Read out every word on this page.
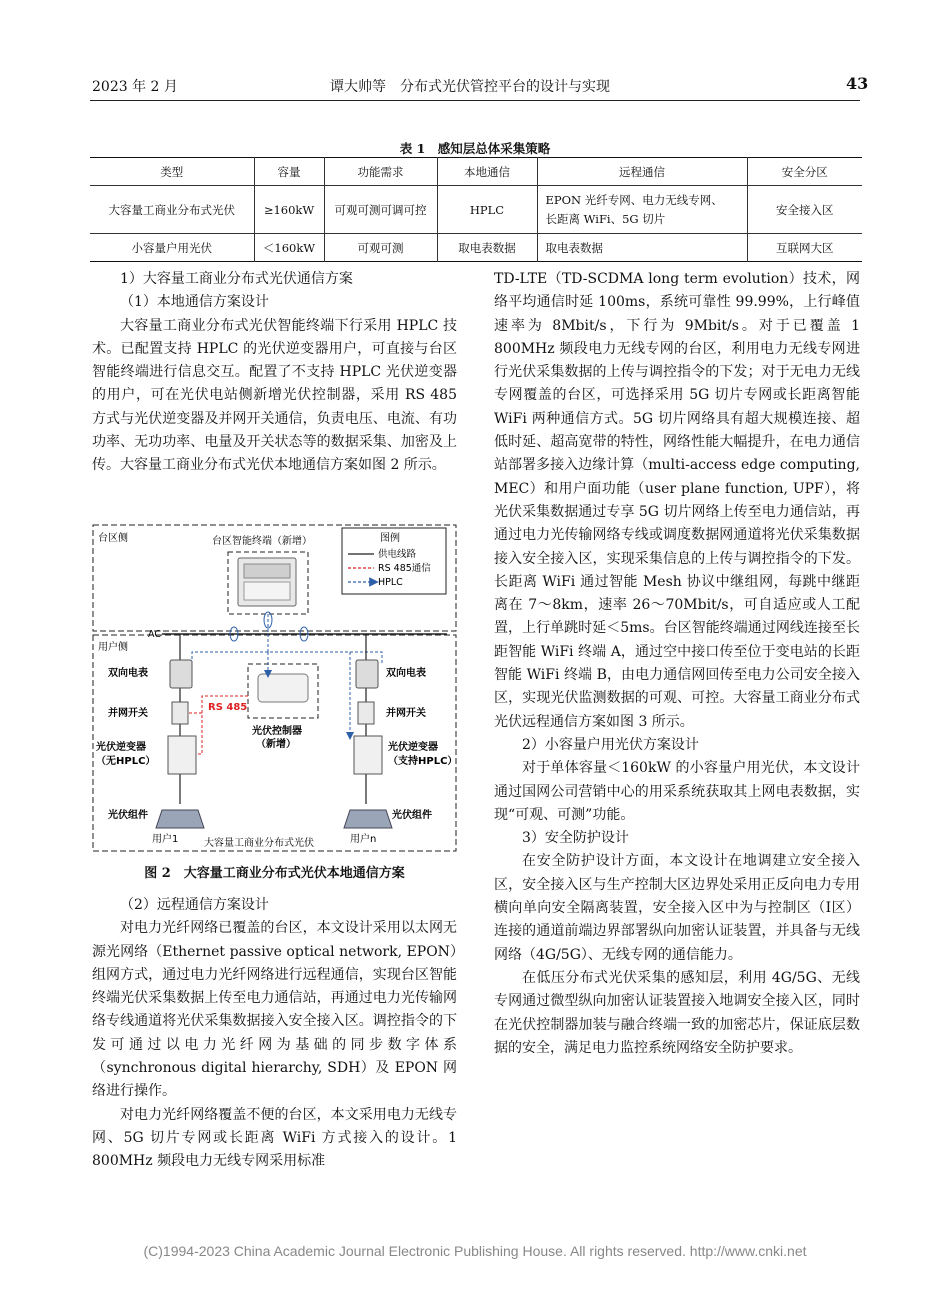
2023 年 2 月	谭大帅等　分布式光伏管控平台的设计与实现	43
表 1　感知层总体采集策略
类型	容量	功能需求	本地通信	远程通信	安全分区
大容量工商业分布式光伏	≥160kW	可观可测可调可控	HPLC	EPON 光纤专网、电力无线专网、
长距离 WiFi、5G 切片	安全接入区
小容量户用光伏	＜160kW	可观可测	取电表数据	取电表数据	互联网大区

1）大容量工商业分布式光伏通信方案

（1）本地通信方案设计

大容量工商业分布式光伏智能终端下行采用 HPLC 技术。已配置支持 HPLC 的光伏逆变器用户，可直接与台区智能终端进行信息交互。配置了不支持 HPLC 光伏逆变器的用户，可在光伏电站侧新增光伏控制器，采用 RS 485 方式与光伏逆变器及并网开关通信，负责电压、电流、有功功率、无功功率、电量及开关状态等的数据采集、加密及上传。大容量工商业分布式光伏本地通信方案如图 2 所示。

台区侧
用户侧
台区智能终端（新增）	图例
供电线路
RS 485通信
HPLC
AC
双向电表
并网开关
光伏逆变器
（无HPLC）
光伏组件
用户1
双向电表
并网开关
光伏逆变器
（支持HPLC）
光伏组件
用户n
光伏控制器
（新增）
RS 485
大容量工商业分布式光伏
图 2　大容量工商业分布式光伏本地通信方案

（2）远程通信方案设计

对电力光纤网络已覆盖的台区，本文设计采用以太网无源光网络（Ethernet passive optical network, EPON）组网方式，通过电力光纤网络进行远程通信，实现台区智能终端光伏采集数据上传至电力通信站，再通过电力光传输网络专线通道将光伏采集数据接入安全接入区。调控指令的下发可通过以电力光纤网为基础的同步数字体系（synchronous digital hierarchy, SDH）及 EPON 网络进行操作。

对电力光纤网络覆盖不便的台区，本文采用电力无线专网、5G 切片专网或长距离 WiFi 方式接入的设计。1 800MHz 频段电力无线专网采用标准

TD-LTE（TD-SCDMA long term evolution）技术，网络平均通信时延 100ms，系统可靠性 99.99%，上行峰值速率为 8Mbit/s，下行为 9Mbit/s。对于已覆盖 1 800MHz 频段电力无线专网的台区，利用电力无线专网进行光伏采集数据的上传与调控指令的下发；对于无电力无线专网覆盖的台区，可选择采用 5G 切片专网或长距离智能 WiFi 两种通信方式。5G 切片网络具有超大规模连接、超低时延、超高宽带的特性，网络性能大幅提升，在电力通信站部署多接入边缘计算（multi-access edge computing, MEC）和用户面功能（user plane function, UPF），将光伏采集数据通过专享 5G 切片网络上传至电力通信站，再通过电力光传输网络专线或调度数据网通道将光伏采集数据接入安全接入区，实现采集信息的上传与调控指令的下发。长距离 WiFi 通过智能 Mesh 协议中继组网，每跳中继距离在 7～8km，速率 26～70Mbit/s，可自适应或人工配置，上行单跳时延＜5ms。台区智能终端通过网线连接至长距智能 WiFi 终端 A，通过空中接口传至位于变电站的长距智能 WiFi 终端 B，由电力通信网回传至电力公司安全接入区，实现光伏监测数据的可观、可控。大容量工商业分布式光伏远程通信方案如图 3 所示。

2）小容量户用光伏方案设计

对于单体容量＜160kW 的小容量户用光伏，本文设计通过国网公司营销中心的用采系统获取其上网电表数据，实现“可观、可测”功能。

3）安全防护设计

在安全防护设计方面，本文设计在地调建立安全接入区，安全接入区与生产控制大区边界处采用正反向电力专用横向单向安全隔离装置，安全接入区中为与控制区（Ⅰ区）连接的通道前端边界部署纵向加密认证装置，并具备与无线网络（4G/5G）、无线专网的通信能力。

在低压分布式光伏采集的感知层，利用 4G/5G、无线专网通过微型纵向加密认证装置接入地调安全接入区，同时在光伏控制器加装与融合终端一致的加密芯片，保证底层数据的安全，满足电力监控系统网络安全防护要求。

(C)1994-2023 China Academic Journal Electronic Publishing House. All rights reserved. http://www.cnki.net
